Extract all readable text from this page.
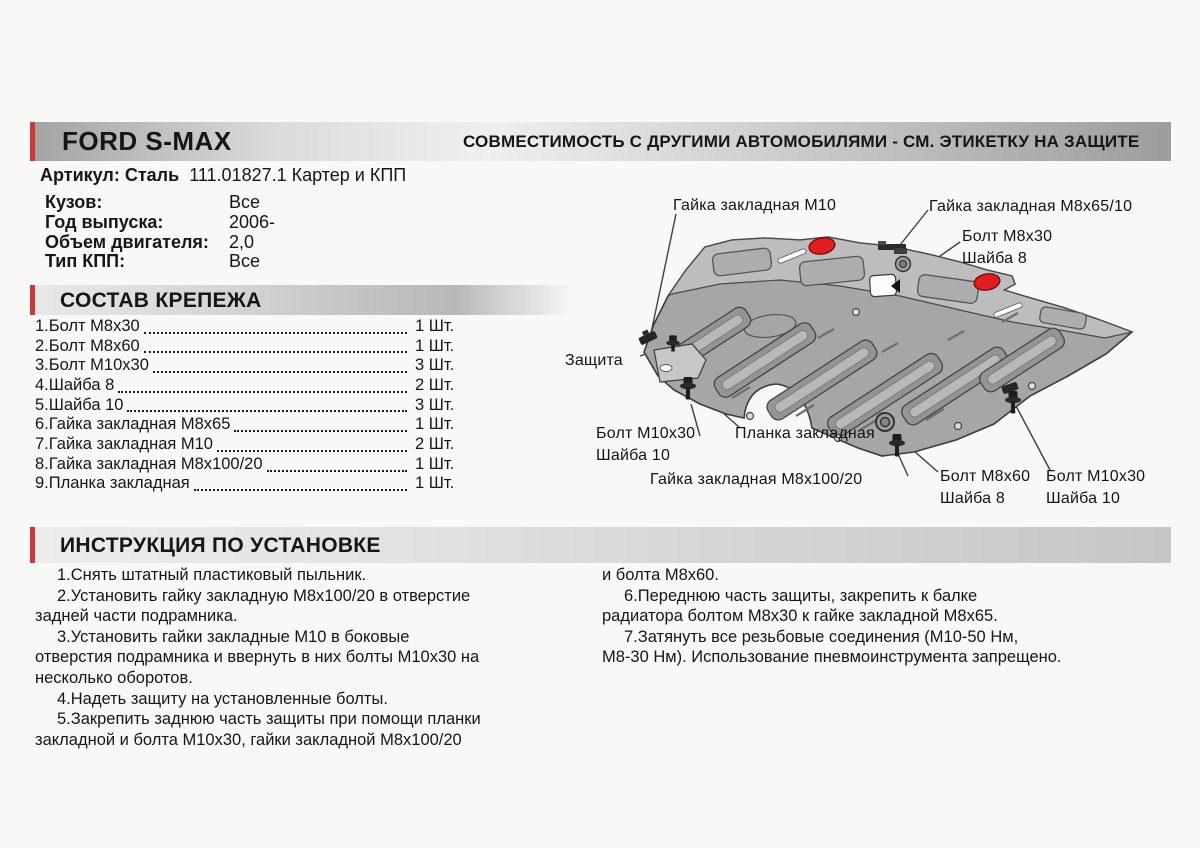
FORD S-MAX	СОВМЕСТИМОСТЬ С ДРУГИМИ АВТОМОБИЛЯМИ - СМ. ЭТИКЕТКУ НА ЗАЩИТЕ
Артикул: Сталь 111.01827.1 Картер и КПП
Кузов:	Все
Год выпуска:	2006-
Объем двигателя:	2,0
Тип КПП:	Все
СОСТАВ КРЕПЕЖА
1.Болт М8х30	1 Шт.
2.Болт М8х60	1 Шт.
3.Болт М10х30	3 Шт.
4.Шайба 8	2 Шт.
5.Шайба 10	3 Шт.
6.Гайка закладная М8х65	1 Шт.
7.Гайка закладная М10	2 Шт.
8.Гайка закладная М8х100/20	1 Шт.
9.Планка закладная	1 Шт.
Гайка закладная М10	Гайка закладная М8х65/10
Болт М8х30
Шайба 8
Защита
Болт М10х30
Шайба 10
Планка закладная
Гайка закладная М8х100/20	Болт М8х60
Шайба 8
Болт М10х30
Шайба 10
ИНСТРУКЦИЯ ПО УСТАНОВКЕ
1.Снять штатный пластиковый пыльник.
2.Установить гайку закладную М8х100/20 в отверстие
задней части подрамника.
3.Установить гайки закладные М10 в боковые
отверстия подрамника и ввернуть в них болты М10х30 на
несколько оборотов.
4.Надеть защиту на установленные болты.
5.Закрепить заднюю часть защиты при помощи планки
закладной и болта М10х30, гайки закладной М8х100/20
и болта М8х60.
6.Переднюю часть защиты, закрепить к балке
радиатора болтом М8х30 к гайке закладной М8х65.
7.Затянуть все резьбовые соединения (М10-50 Нм,
М8-30 Нм). Использование пневмоинструмента запрещено.
